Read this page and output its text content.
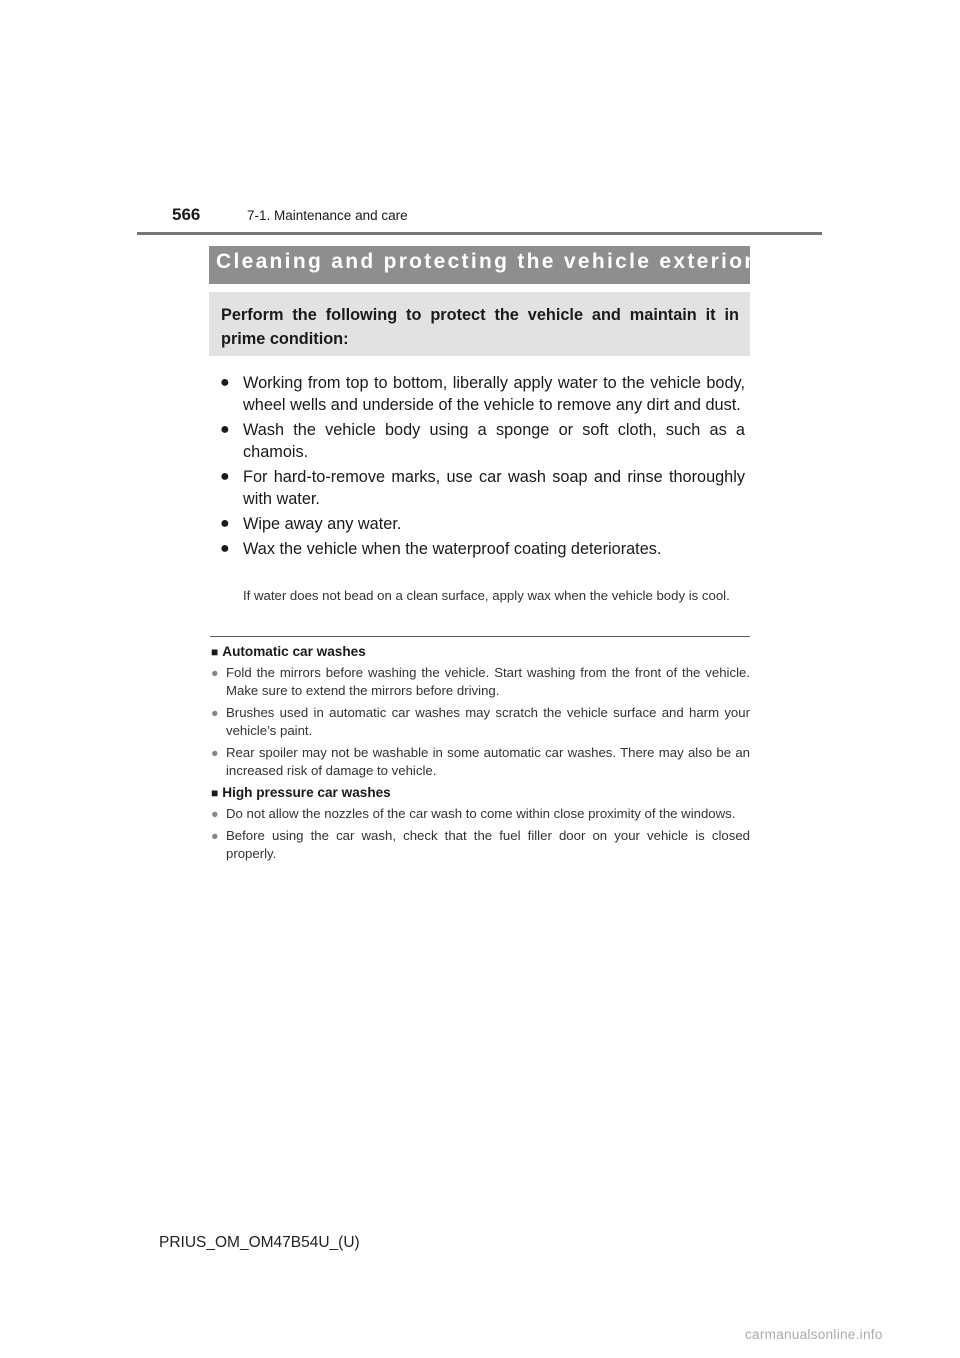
566	7-1. Maintenance and care
Cleaning and protecting the vehicle exterior
Perform the following to protect the vehicle and maintain it in prime condition:
● Working from top to bottom, liberally apply water to the vehicle body, wheel wells and underside of the vehicle to remove any dirt and dust.
● Wash the vehicle body using a sponge or soft cloth, such as a chamois.
● For hard-to-remove marks, use car wash soap and rinse thoroughly with water.
● Wipe away any water.
● Wax the vehicle when the waterproof coating deteriorates.
If water does not bead on a clean surface, apply wax when the vehicle body is cool.
■ Automatic car washes
● Fold the mirrors before washing the vehicle. Start washing from the front of the vehicle. Make sure to extend the mirrors before driving.
● Brushes used in automatic car washes may scratch the vehicle surface and harm your vehicle’s paint.
● Rear spoiler may not be washable in some automatic car washes. There may also be an increased risk of damage to vehicle.
■ High pressure car washes
● Do not allow the nozzles of the car wash to come within close proximity of the windows.
● Before using the car wash, check that the fuel filler door on your vehicle is closed properly.
PRIUS_OM_OM47B54U_(U)
carmanualsonline.info
